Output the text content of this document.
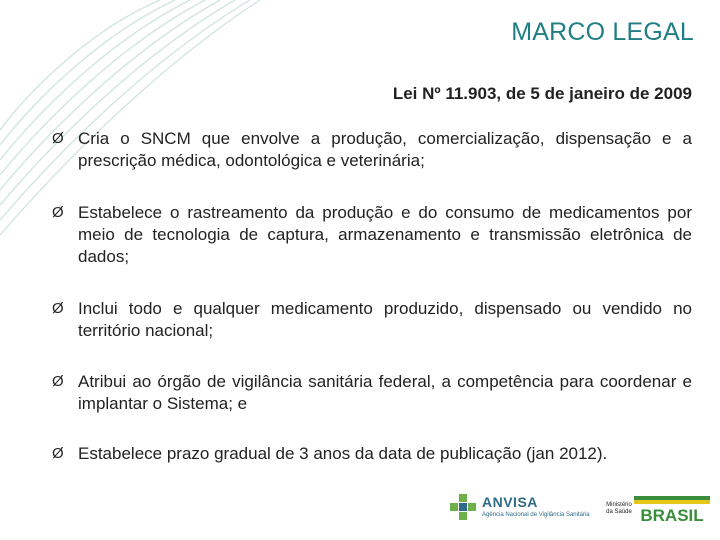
MARCO LEGAL
Lei Nº 11.903, de 5 de janeiro de 2009
Ø Cria o SNCM que envolve a produção, comercialização, dispensação e a prescrição médica, odontológica e veterinária;
Ø Estabelece o rastreamento da produção e do consumo de medicamentos por meio de tecnologia de captura, armazenamento e transmissão eletrônica de dados;
Ø Inclui todo e qualquer medicamento produzido, dispensado ou vendido no território nacional;
Ø Atribui ao órgão de vigilância sanitária federal, a competência para coordenar e implantar o Sistema; e
Ø Estabelece prazo gradual de 3 anos da data de publicação (jan 2012).
ANVISA
Agência Nacional de Vigilância Sanitária
Ministério da Saúde BRASIL
